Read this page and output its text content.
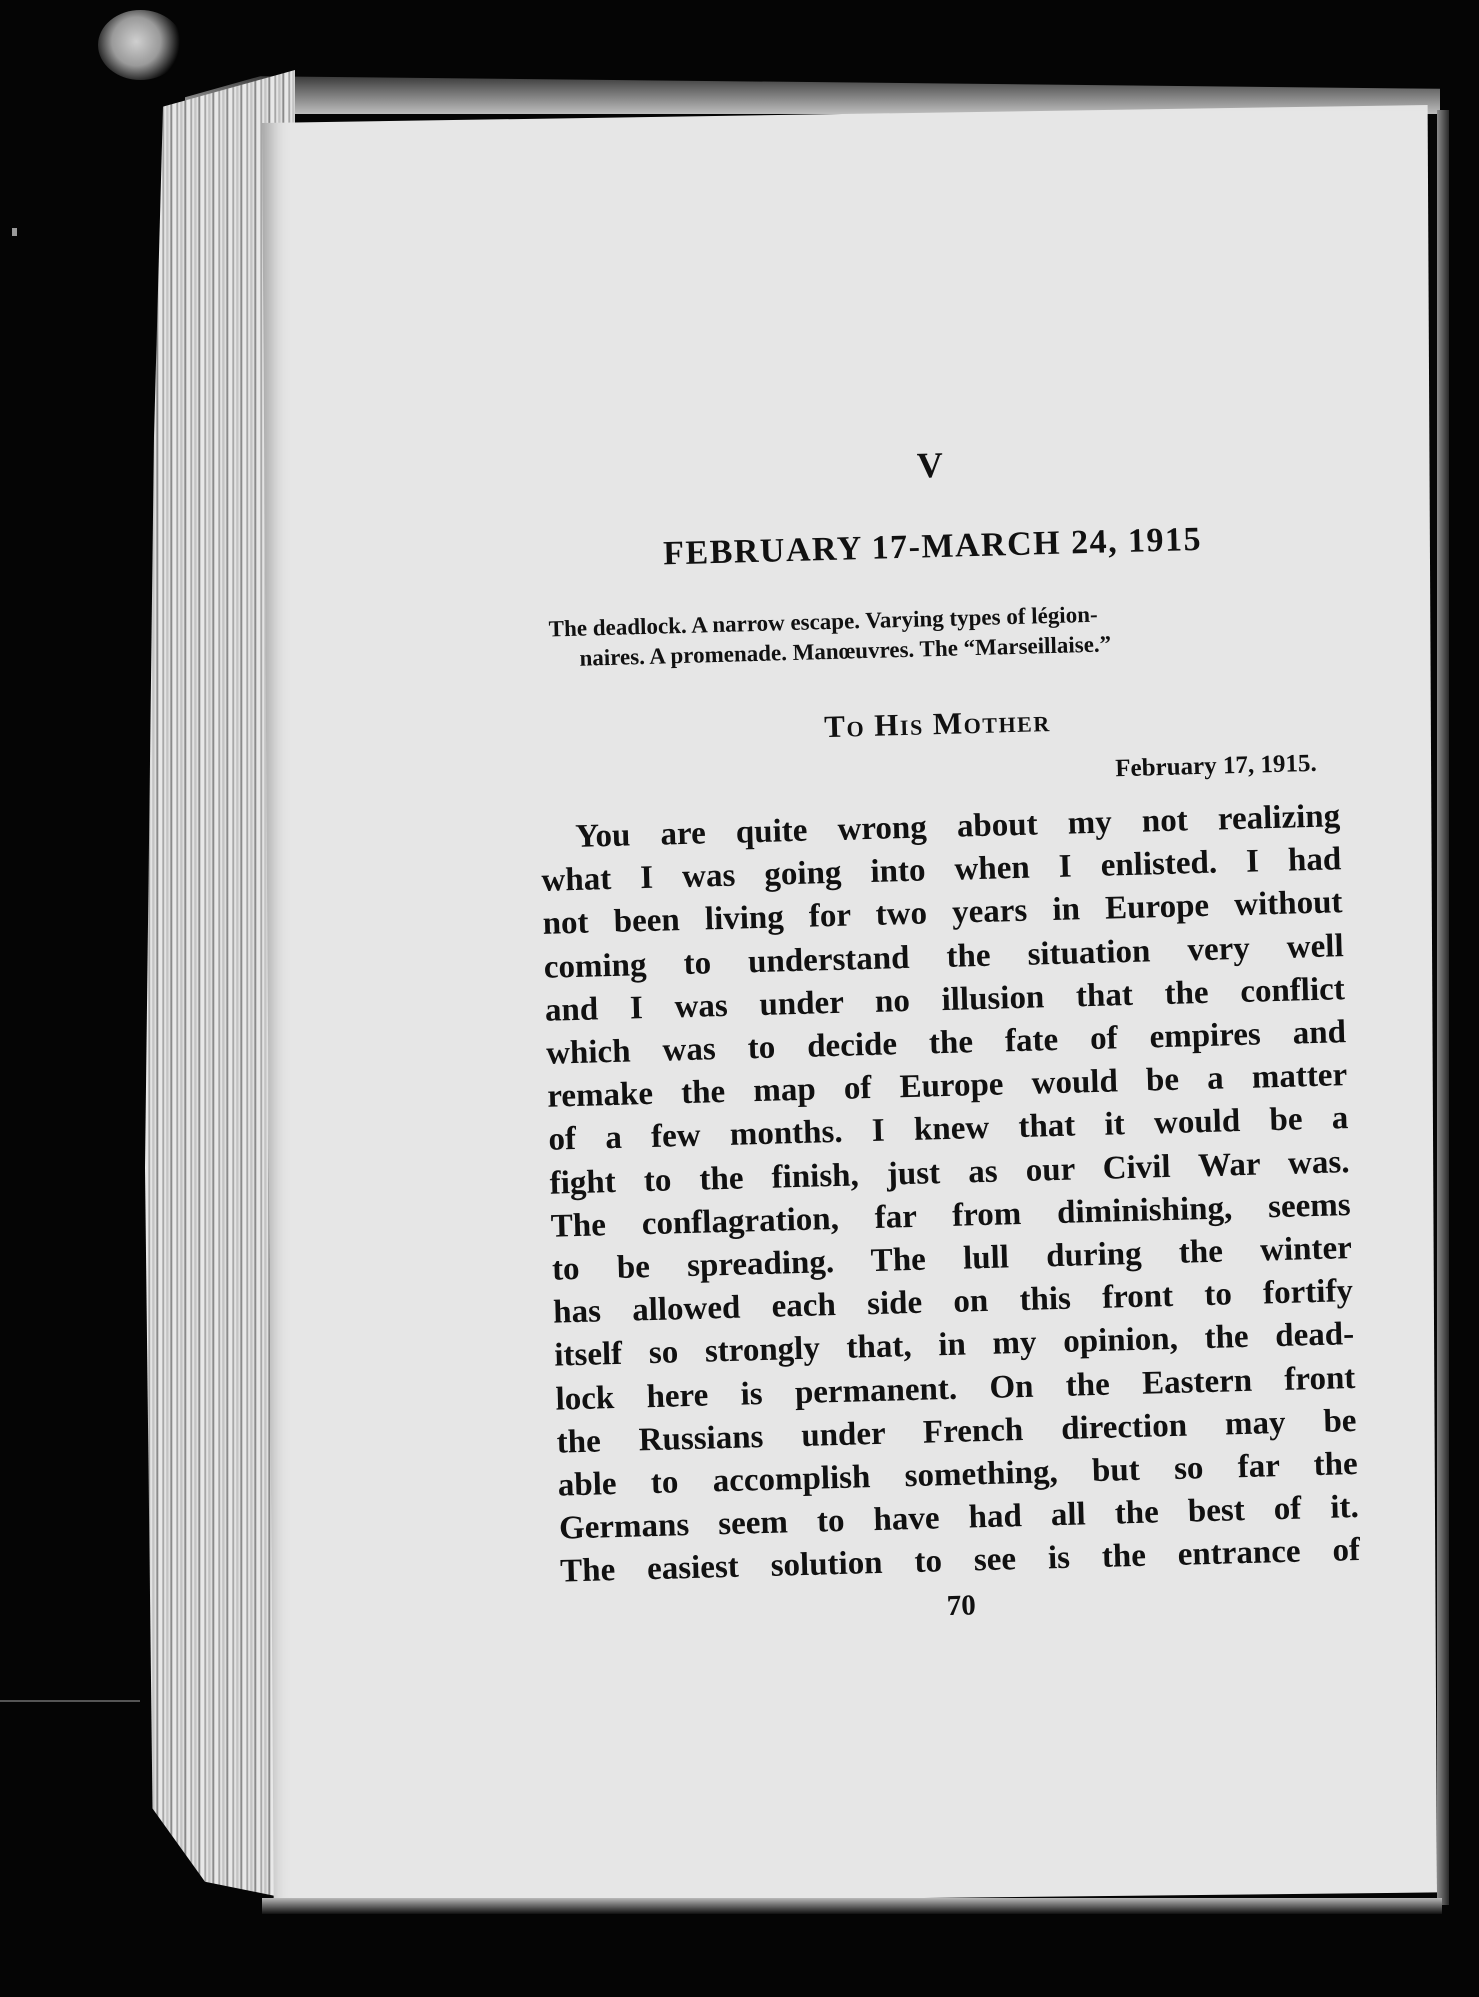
V
FEBRUARY 17-MARCH 24, 1915
The deadlock. A narrow escape. Varying types of légion-
naires. A promenade. Manœuvres. The “Marseillaise.”
To His Mother
February 17, 1915.
You are quite wrong about my not realizing
what I was going into when I enlisted. I had
not been living for two years in Europe without
coming to understand the situation very well
and I was under no illusion that the conflict
which was to decide the fate of empires and
remake the map of Europe would be a matter
of a few months. I knew that it would be a
fight to the finish, just as our Civil War was.
The conflagration, far from diminishing, seems
to be spreading. The lull during the winter
has allowed each side on this front to fortify
itself so strongly that, in my opinion, the dead-
lock here is permanent. On the Eastern front
the Russians under French direction may be
able to accomplish something, but so far the
Germans seem to have had all the best of it.
The easiest solution to see is the entrance of
70
